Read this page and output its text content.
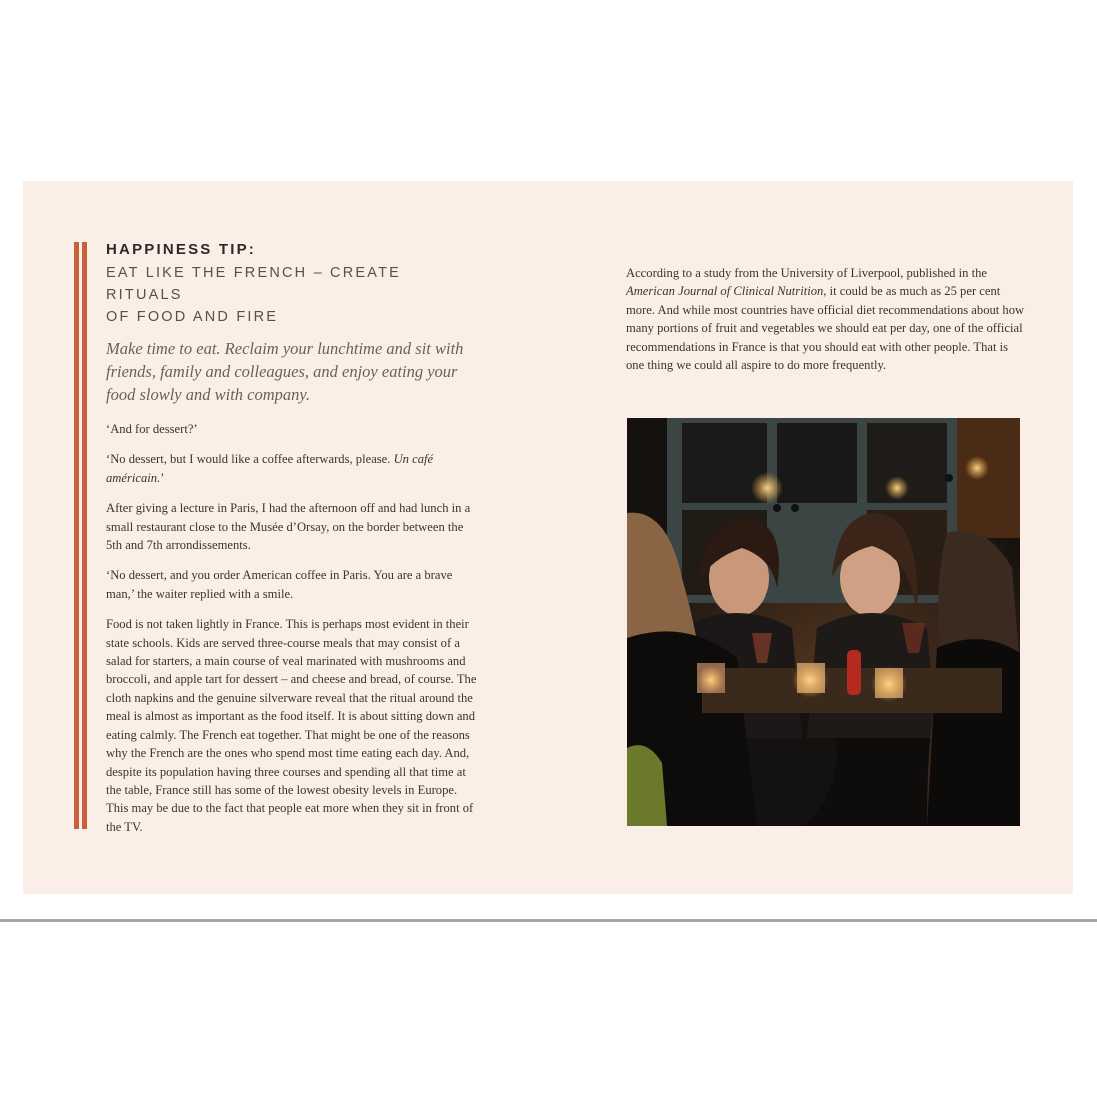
HAPPINESS TIP:

EAT LIKE THE FRENCH – CREATE RITUALS
OF FOOD AND FIRE

Make time to eat. Reclaim your lunchtime and sit with friends, family and colleagues, and enjoy eating your food slowly and with company.

‘And for dessert?’

‘No dessert, but I would like a coffee afterwards, please. Un café américain.’

After giving a lecture in Paris, I had the afternoon off and had lunch in a small restaurant close to the Musée d’Orsay, on the border between the 5th and 7th arrondissements.

‘No dessert, and you order American coffee in Paris. You are a brave man,’ the waiter replied with a smile.

Food is not taken lightly in France. This is perhaps most evident in their state schools. Kids are served three-course meals that may consist of a salad for starters, a main course of veal marinated with mushrooms and broccoli, and apple tart for dessert – and cheese and bread, of course. The cloth napkins and the genuine silverware reveal that the ritual around the meal is almost as important as the food itself. It is about sitting down and eating calmly. The French eat together. That might be one of the reasons why the French are the ones who spend most time eating each day. And, despite its population having three courses and spending all that time at the table, France still has some of the lowest obesity levels in Europe. This may be due to the fact that people eat more when they sit in front of the TV.

According to a study from the University of Liverpool, published in the American Journal of Clinical Nutrition, it could be as much as 25 per cent more. And while most countries have official diet recommendations about how many portions of fruit and vegetables we should eat per day, one of the official recommendations in France is that you should eat with other people. That is one thing we could all aspire to do more frequently.
